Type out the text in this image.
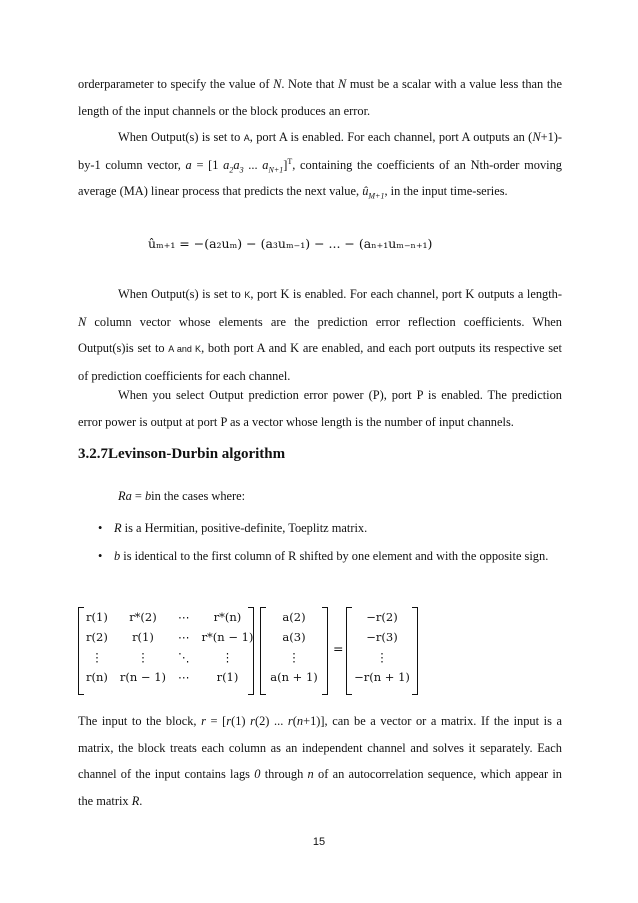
orderparameter to specify the value of N. Note that N must be a scalar with a value less than the length of the input channels or the block produces an error.

When Output(s) is set to A, port A is enabled. For each channel, port A outputs an (N+1)-by-1 column vector, a = [1 $a_2a_3$ ... $a_{N+1}]^T$, containing the coefficients of an Nth-order moving average (MA) linear process that predicts the next value, $û_{M+1}$, in the input time-series.

ûₘ₊₁ = −(a₂uₘ) − (a₃uₘ₋₁) − ... − (aₙ₊₁uₘ₋ₙ₊₁)

When Output(s) is set to K, port K is enabled. For each channel, port K outputs a length-N column vector whose elements are the prediction error reflection coefficients. When Output(s)is set to A and K, both port A and K are enabled, and each port outputs its respective set of prediction coefficients for each channel.

When you select Output prediction error power (P), port P is enabled. The prediction error power is output at port P as a vector whose length is the number of input channels.

3.2.7Levinson-Durbin algorithm

Ra = bin the cases where:

• R is a Hermitian, positive-definite, Toeplitz matrix.
• b is identical to the first column of R shifted by one element and with the opposite sign.
r(1)	r*(2)	⋯	r*(n)
r(2)	r(1)	⋯	r*(n − 1)
⋮	⋮	⋱	⋮
r(n)	r(n − 1)	⋯	r(1)
a(2)
a(3)
⋮
a(n + 1)
=
−r(2)
−r(3)
⋮
−r(n + 1)

The input to the block, r = [r(1) r(2) ... r(n+1)], can be a vector or a matrix. If the input is a matrix, the block treats each column as an independent channel and solves it separately. Each channel of the input contains lags 0 through n of an autocorrelation sequence, which appear in the matrix R.

15
